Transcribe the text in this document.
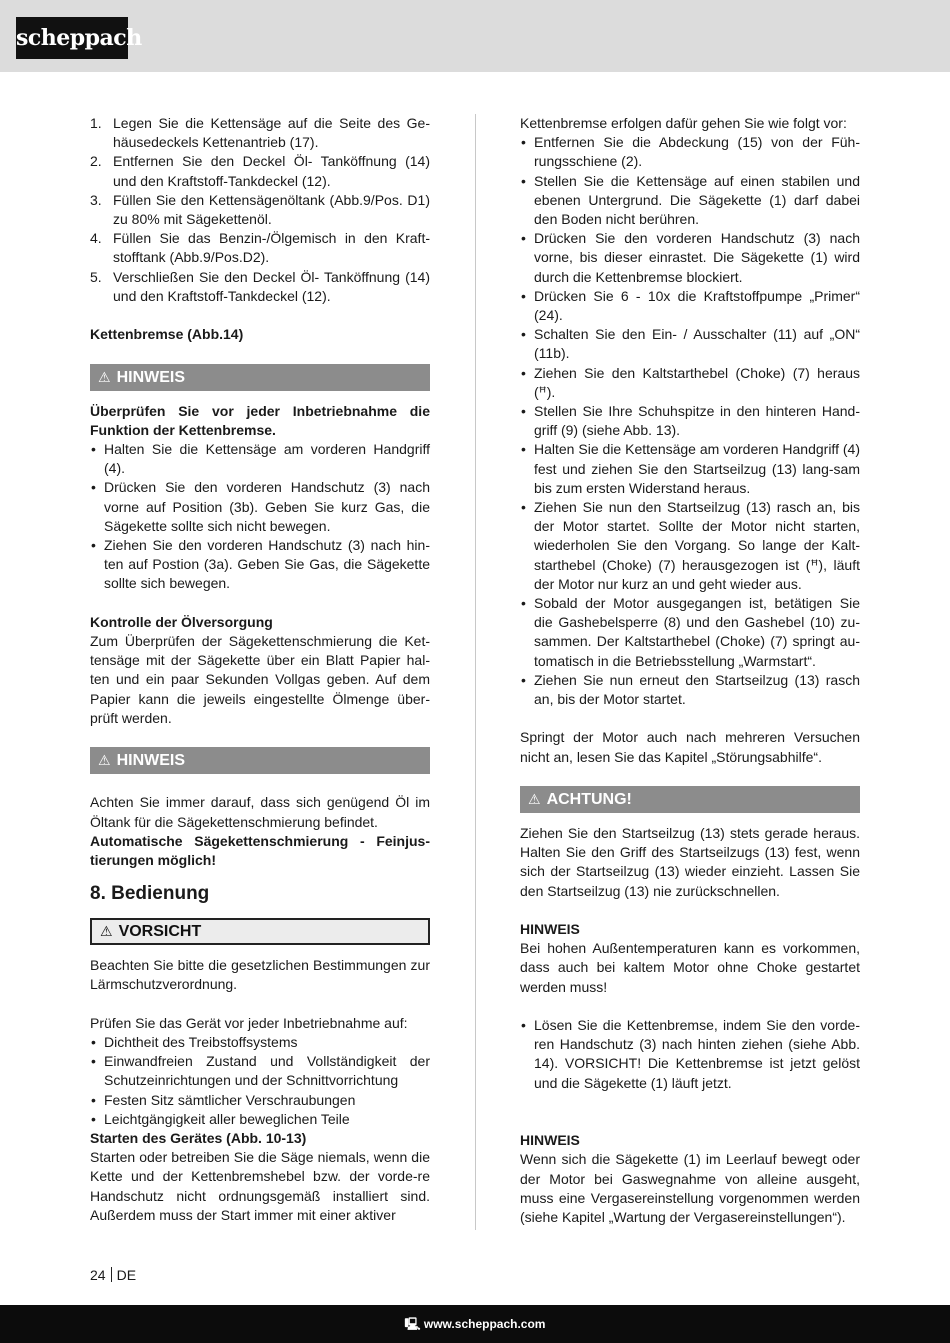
scheppach
1. Legen Sie die Kettensäge auf die Seite des Ge-häusedeckels Kettenantrieb (17).
2. Entfernen Sie den Deckel Öl- Tanköffnung (14) und den Kraftstoff-Tankdeckel (12).
3. Füllen Sie den Kettensägenöltank (Abb.9/Pos. D1) zu 80% mit Sägekettenöl.
4. Füllen Sie das Benzin-/Ölgemisch in den Kraft-stofftank (Abb.9/Pos.D2).
5. Verschließen Sie den Deckel Öl- Tanköffnung (14) und den Kraftstoff-Tankdeckel (12).

Kettenbremse (Abb.14)

⚠ HINWEIS

Überprüfen Sie vor jeder Inbetriebnahme die Funktion der Kettenbremse.

• Halten Sie die Kettensäge am vorderen Handgriff (4).
• Drücken Sie den vorderen Handschutz (3) nach vorne auf Position (3b). Geben Sie kurz Gas, die Sägekette sollte sich nicht bewegen.
• Ziehen Sie den vorderen Handschutz (3) nach hin-ten auf Postion (3a). Geben Sie Gas, die Sägekette sollte sich bewegen.

Kontrolle der Ölversorgung

Zum Überprüfen der Sägekettenschmierung die Ket-tensäge mit der Sägekette über ein Blatt Papier hal-ten und ein paar Sekunden Vollgas geben. Auf dem Papier kann die jeweils eingestellte Ölmenge über-prüft werden.

⚠ HINWEIS

Achten Sie immer darauf, dass sich genügend Öl im Öltank für die Sägekettenschmierung befindet.

Automatische Sägekettenschmierung - Feinjus-tierungen möglich!

8. Bedienung
⚠ VORSICHT

Beachten Sie bitte die gesetzlichen Bestimmungen zur Lärmschutzverordnung.

Prüfen Sie das Gerät vor jeder Inbetriebnahme auf:

• Dichtheit des Treibstoffsystems
• Einwandfreien Zustand und Vollständigkeit der Schutzeinrichtungen und der Schnittvorrichtung
• Festen Sitz sämtlicher Verschraubungen
• Leichtgängigkeit aller beweglichen Teile

Starten des Gerätes (Abb. 10-13)

Starten oder betreiben Sie die Säge niemals, wenn die Kette und der Kettenbremshebel bzw. der vorde-re Handschutz nicht ordnungsgemäß installiert sind. Außerdem muss der Start immer mit einer aktiver

Kettenbremse erfolgen dafür gehen Sie wie folgt vor:

• Entfernen Sie die Abdeckung (15) von der Füh-rungsschiene (2).
• Stellen Sie die Kettensäge auf einen stabilen und ebenen Untergrund. Die Sägekette (1) darf dabei den Boden nicht berühren.
• Drücken Sie den vorderen Handschutz (3) nach vorne, bis dieser einrastet. Die Sägekette (1) wird durch die Kettenbremse blockiert.
• Drücken Sie 6 - 10x die Kraftstoffpumpe „Primer“ (24).
• Schalten Sie den Ein- / Ausschalter (11) auf „ON“ (11b).
• Ziehen Sie den Kaltstarthebel (Choke) (7) heraus (ꟸ).
• Stellen Sie Ihre Schuhspitze in den hinteren Hand-griff (9) (siehe Abb. 13).
• Halten Sie die Kettensäge am vorderen Handgriff (4) fest und ziehen Sie den Startseilzug (13) lang-sam bis zum ersten Widerstand heraus.
• Ziehen Sie nun den Startseilzug (13) rasch an, bis der Motor startet. Sollte der Motor nicht starten, wiederholen Sie den Vorgang. So lange der Kalt-starthebel (Choke) (7) herausgezogen ist (ꟸ), läuft der Motor nur kurz an und geht wieder aus.
• Sobald der Motor ausgegangen ist, betätigen Sie die Gashebelsperre (8) und den Gashebel (10) zu-sammen. Der Kaltstarthebel (Choke) (7) springt au-tomatisch in die Betriebsstellung „Warmstart“.
• Ziehen Sie nun erneut den Startseilzug (13) rasch an, bis der Motor startet.

Springt der Motor auch nach mehreren Versuchen nicht an, lesen Sie das Kapitel „Störungsabhilfe“.

⚠ ACHTUNG!

Ziehen Sie den Startseilzug (13) stets gerade heraus. Halten Sie den Griff des Startseilzugs (13) fest, wenn sich der Startseilzug (13) wieder einzieht. Lassen Sie den Startseilzug (13) nie zurückschnellen.

HINWEIS

Bei hohen Außentemperaturen kann es vorkommen, dass auch bei kaltem Motor ohne Choke gestartet werden muss!

• Lösen Sie die Kettenbremse, indem Sie den vorde-ren Handschutz (3) nach hinten ziehen (siehe Abb. 14). VORSICHT! Die Kettenbremse ist jetzt gelöst und die Sägekette (1) läuft jetzt.

HINWEIS

Wenn sich die Sägekette (1) im Leerlauf bewegt oder der Motor bei Gaswegnahme von alleine ausgeht, muss eine Vergasereinstellung vorgenommen werden (siehe Kapitel „Wartung der Vergasereinstellungen“).

24 DE
🖳︎ www.scheppach.com
